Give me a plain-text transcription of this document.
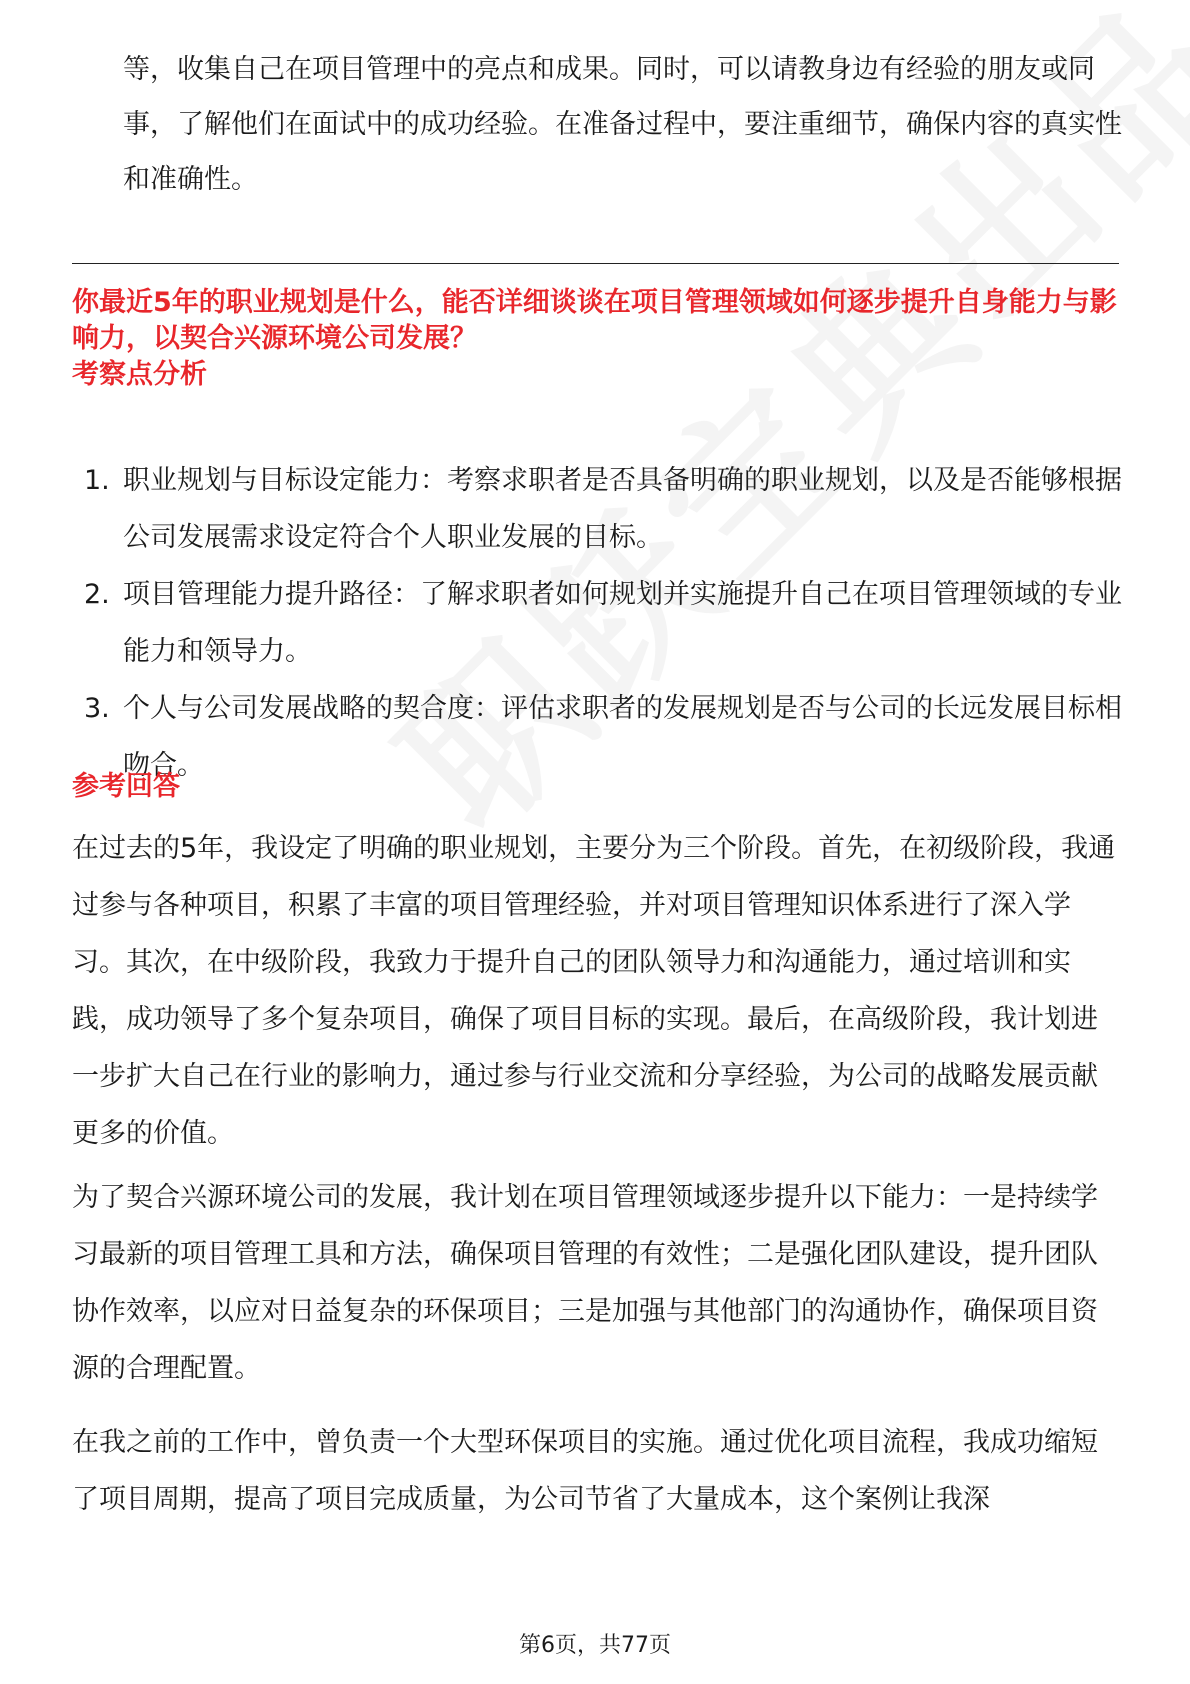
等，收集自己在项目管理中的亮点和成果。同时，可以请教身边有经验的朋友或同事，了解他们在面试中的成功经验。在准备过程中，要注重细节，确保内容的真实性和准确性。
你最近5年的职业规划是什么，能否详细谈谈在项目管理领域如何逐步提升自身能力与影响力，以契合兴源环境公司发展？
考察点分析
1. 职业规划与目标设定能力：考察求职者是否具备明确的职业规划，以及是否能够根据公司发展需求设定符合个人职业发展的目标。
2. 项目管理能力提升路径：了解求职者如何规划并实施提升自己在项目管理领域的专业能力和领导力。
3. 个人与公司发展战略的契合度：评估求职者的发展规划是否与公司的长远发展目标相吻合。
参考回答

在过去的5年，我设定了明确的职业规划，主要分为三个阶段。首先，在初级阶段，我通过参与各种项目，积累了丰富的项目管理经验，并对项目管理知识体系进行了深入学习。其次，在中级阶段，我致力于提升自己的团队领导力和沟通能力，通过培训和实践，成功领导了多个复杂项目，确保了项目目标的实现。最后，在高级阶段，我计划进一步扩大自己在行业的影响力，通过参与行业交流和分享经验，为公司的战略发展贡献更多的价值。

为了契合兴源环境公司的发展，我计划在项目管理领域逐步提升以下能力：一是持续学习最新的项目管理工具和方法，确保项目管理的有效性；二是强化团队建设，提升团队协作效率，以应对日益复杂的环保项目；三是加强与其他部门的沟通协作，确保项目资源的合理配置。

在我之前的工作中，曾负责一个大型环保项目的实施。通过优化项目流程，我成功缩短了项目周期，提高了项目完成质量，为公司节省了大量成本，这个案例让我深

第6页，共77页
